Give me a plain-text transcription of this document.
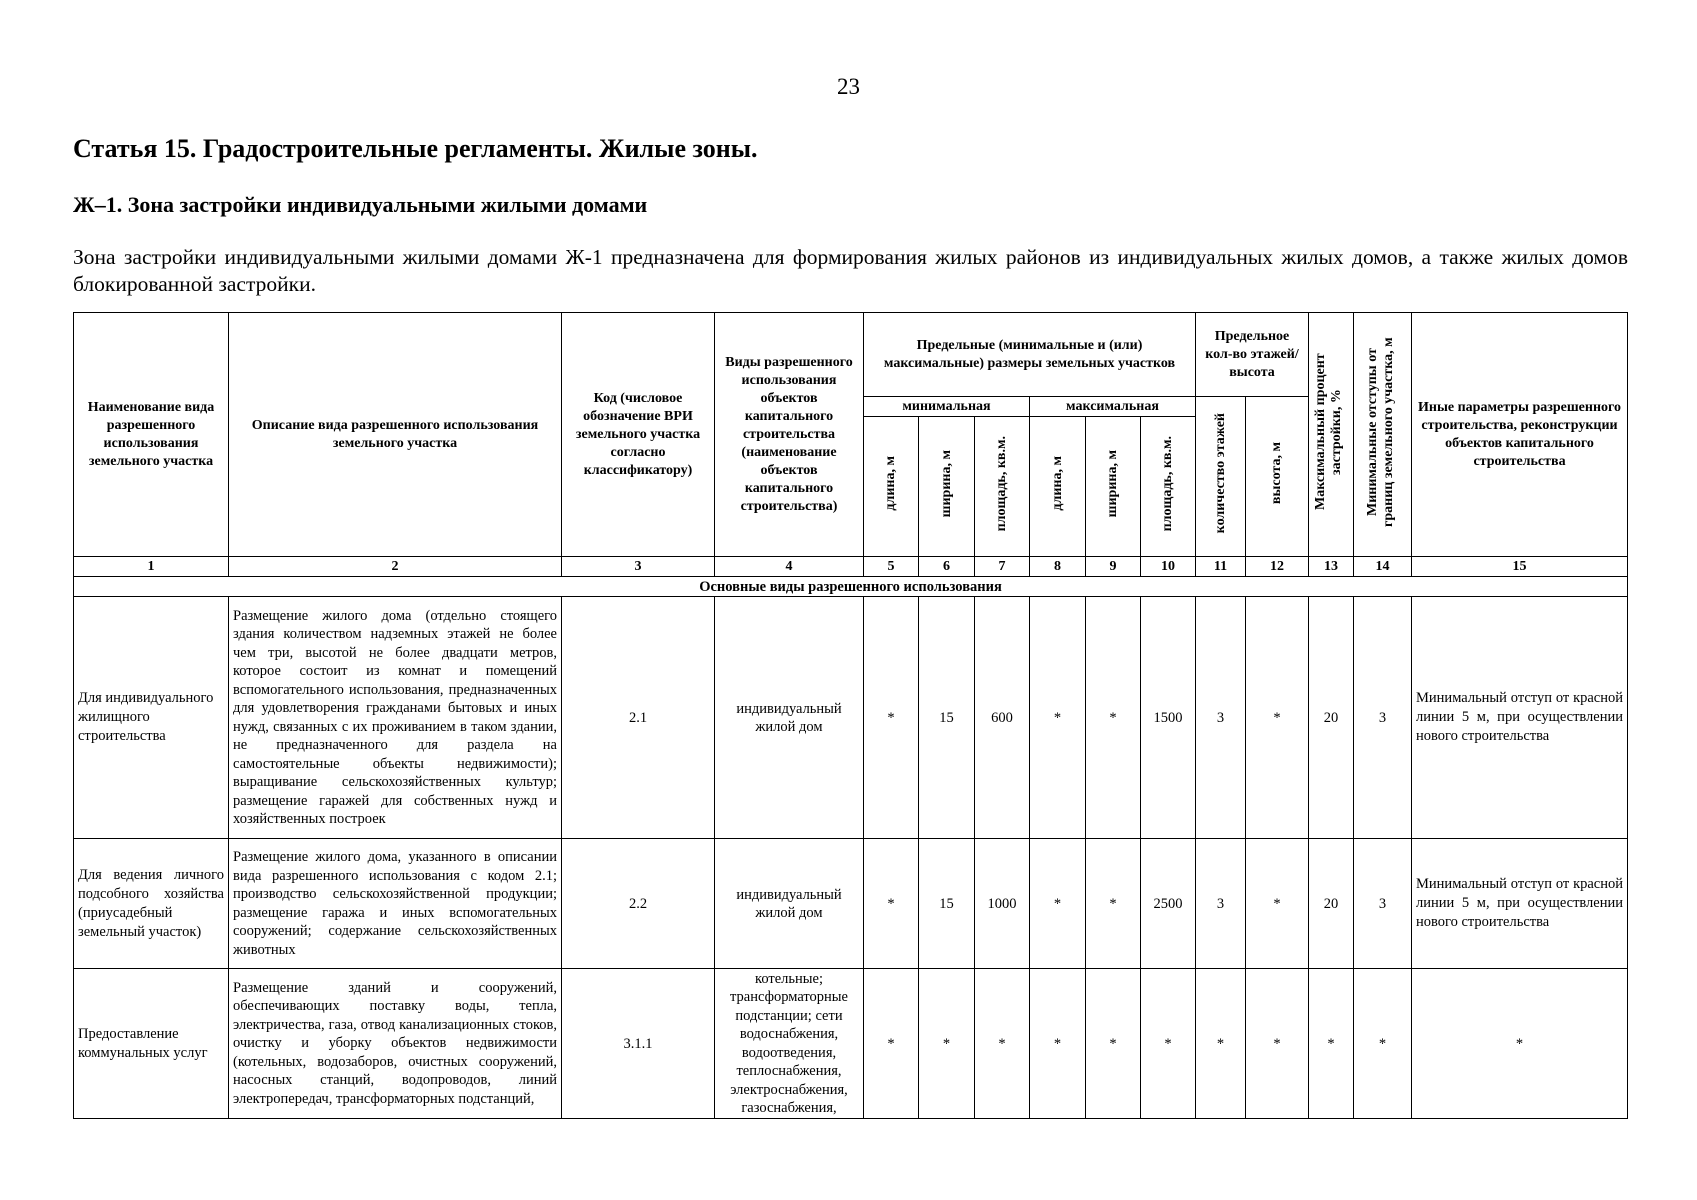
23
Статья 15. Градостроительные регламенты. Жилые зоны.
Ж–1. Зона застройки индивидуальными жилыми домами

Зона застройки индивидуальными жилыми домами Ж-1 предназначена для формирования жилых районов из индивидуальных жилых домов, а также жилых домов блокированной застройки.

Наименование вида разрешенного использования земельного участка	Описание вида разрешенного использования земельного участка	Код (числовое обозначение ВРИ земельного участка согласно классификатору)	Виды разрешенного использования объектов капитального строительства (наименование объектов капитального строительства)	Предельные (минимальные и (или) максимальные) размеры земельных участков						Предельное кол-во этажей/ высота		Максимальный процент застройки, %	Минимальные отступы от границ земельного участка, м	Иные параметры разрешенного строительства, реконструкции объектов капитального строительства
				минимальная			максимальная			количество этажей	высота, м			
				длина, м	ширина, м	площадь, кв.м.	длина, м	ширина, м	площадь, кв.м.					
1	2	3	4	5	6	7	8	9	10	11	12	13	14	15
Основные виды разрешенного использования														
Для индивидуального жилищного строительства	Размещение жилого дома (отдельно стоящего здания количеством надземных этажей не более чем три, высотой не более двадцати метров, которое состоит из комнат и помещений вспомогательного использования, предназначенных для удовлетворения гражданами бытовых и иных нужд, связанных с их проживанием в таком здании, не предназначенного для раздела на самостоятельные объекты недвижимости); выращивание сельскохозяйственных культур; размещение гаражей для собственных нужд и хозяйственных построек	2.1	индивидуальный жилой дом	*	15	600	*	*	1500	3	*	20	3	Минимальный отступ от красной линии 5 м, при осуществлении нового строительства
Для ведения личного подсобного хозяйства (приусадебный земельный участок)	Размещение жилого дома, указанного в описании вида разрешенного использования с кодом 2.1; производство сельскохозяйственной продукции; размещение гаража и иных вспомогательных сооружений; содержание сельскохозяйственных животных	2.2	индивидуальный жилой дом	*	15	1000	*	*	2500	3	*	20	3	Минимальный отступ от красной линии 5 м, при осуществлении нового строительства
Предоставление коммунальных услуг	Размещение зданий и сооружений, обеспечивающих поставку воды, тепла, электричества, газа, отвод канализационных стоков, очистку и уборку объектов недвижимости (котельных, водозаборов, очистных сооружений, насосных станций, водопроводов, линий электропередач, трансформаторных подстанций,	3.1.1	котельные; трансформаторные подстанции; сети водоснабжения, водоотведения, теплоснабжения, электроснабжения, газоснабжения,	*	*	*	*	*	*	*	*	*	*	*
